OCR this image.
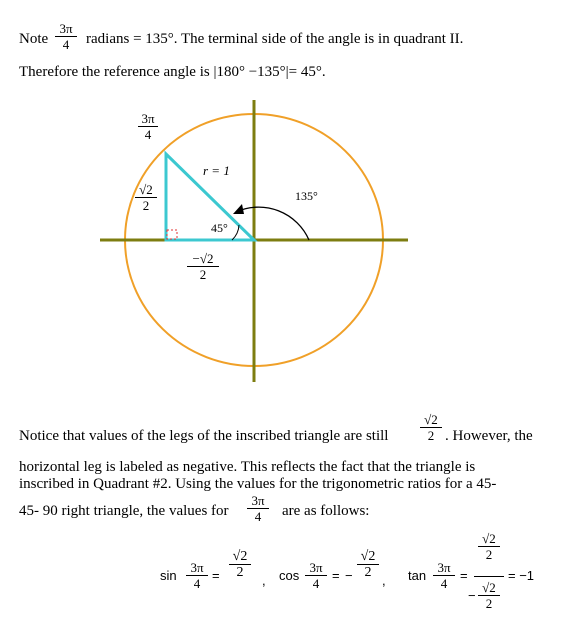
Note
3π
4	radians = 135°. The terminal side of the angle is in quadrant II.
Therefore the reference angle is |180° −135°|= 45°.
3π
4
√2
2
−√2
2
r = 1
135°
45°
Notice that values of the legs of the inscribed triangle are still
√2
2 . However, the
horizontal leg is labeled as negative. This reflects the fact that the triangle is
inscribed in Quadrant #2. Using the values for the trigonometric ratios for a 45-
45- 90 right triangle, the values for
3π
4	are as follows:
sin
3π
4
=
√2
2
, cos
3π
4
= −
√2
2
, tan
3π
4
=
√2
2
−
√2
2
= −1
